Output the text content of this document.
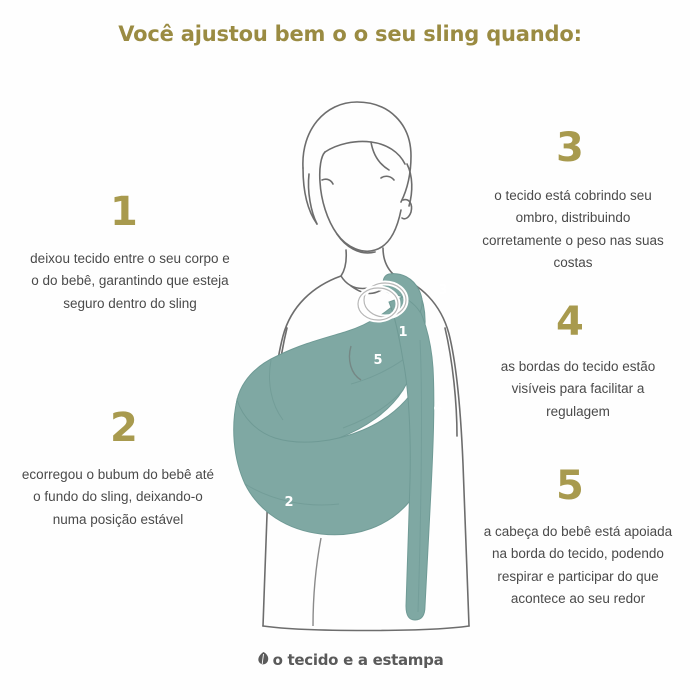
Você ajustou bem o o seu sling quando:
3
1
5
4
2
1
deixou tecido entre o seu corpo e o do bebê, garantindo que esteja seguro dentro do sling
2
ecorregou o bubum do bebê até o fundo do sling, deixando-o numa posição estável
3
o tecido está cobrindo seu ombro, distribuindo corretamente o peso nas suas costas
4
as bordas do tecido estão visíveis para facilitar a regulagem
5
a cabeça do bebê está apoiada na borda do tecido, podendo respirar e participar do que acontece ao seu redor
o tecido e a estampa
